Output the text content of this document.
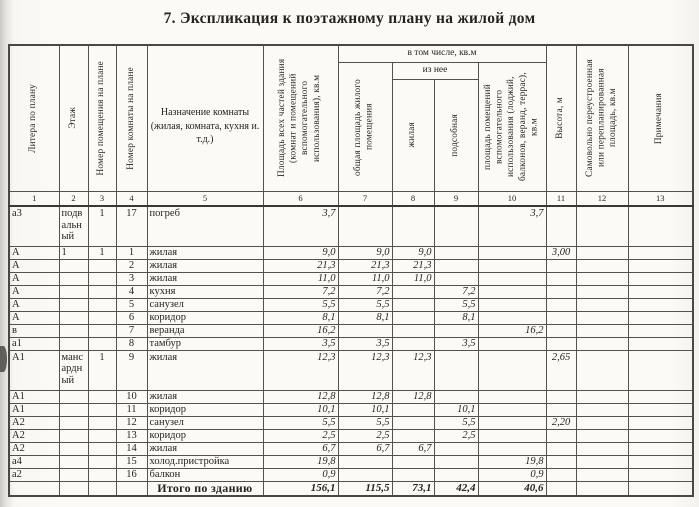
7. Экспликация к поэтажному плану на жилой дом
Литера по плану	Этаж	Номер помещения на плане	Номер комнаты на плане	Назначение комнаты (жилая, комната, кухня и. т.д.)	Площадь всех частей здания (комнат и помещений вспомогательного использования), кв.м	в том числе, кв.м				Высота, м	Самовольно переустроенная или перепланированная площадь, кв.м	Примечания

						общая площадь жилого помещения	из нее		площадь помещений вспомогательного использования (лоджий, балконов, веранд, террас), кв.м			

							жилая	подсобная				

1	2	3	4	5	6	7	8	9	10	11	12	13
а3	подвальный	1	17	погреб	3,7				3,7			
А	1	1	1	жилая	9,0	9,0	9,0			3,00		
А			2	жилая	21,3	21,3	21,3					
А			3	жилая	11,0	11,0	11,0					
А			4	кухня	7,2	7,2		7,2				
А			5	санузел	5,5	5,5		5,5				
А			6	коридор	8,1	8,1		8,1				
в			7	веранда	16,2				16,2			
а1			8	тамбур	3,5	3,5		3,5				
А1	мансардный	1	9	жилая	12,3	12,3	12,3			2,65		
А1			10	жилая	12,8	12,8	12,8					
А1			11	коридор	10,1	10,1		10,1				
А2			12	санузел	5,5	5,5		5,5		2,20		
А2			13	коридор	2,5	2,5		2,5				
А2			14	жилая	6,7	6,7	6,7					
а4			15	холод.пристройка	19,8				19,8			
а2			16	балкон	0,9				0,9			
				Итого по зданию	156,1	115,5	73,1	42,4	40,6			
